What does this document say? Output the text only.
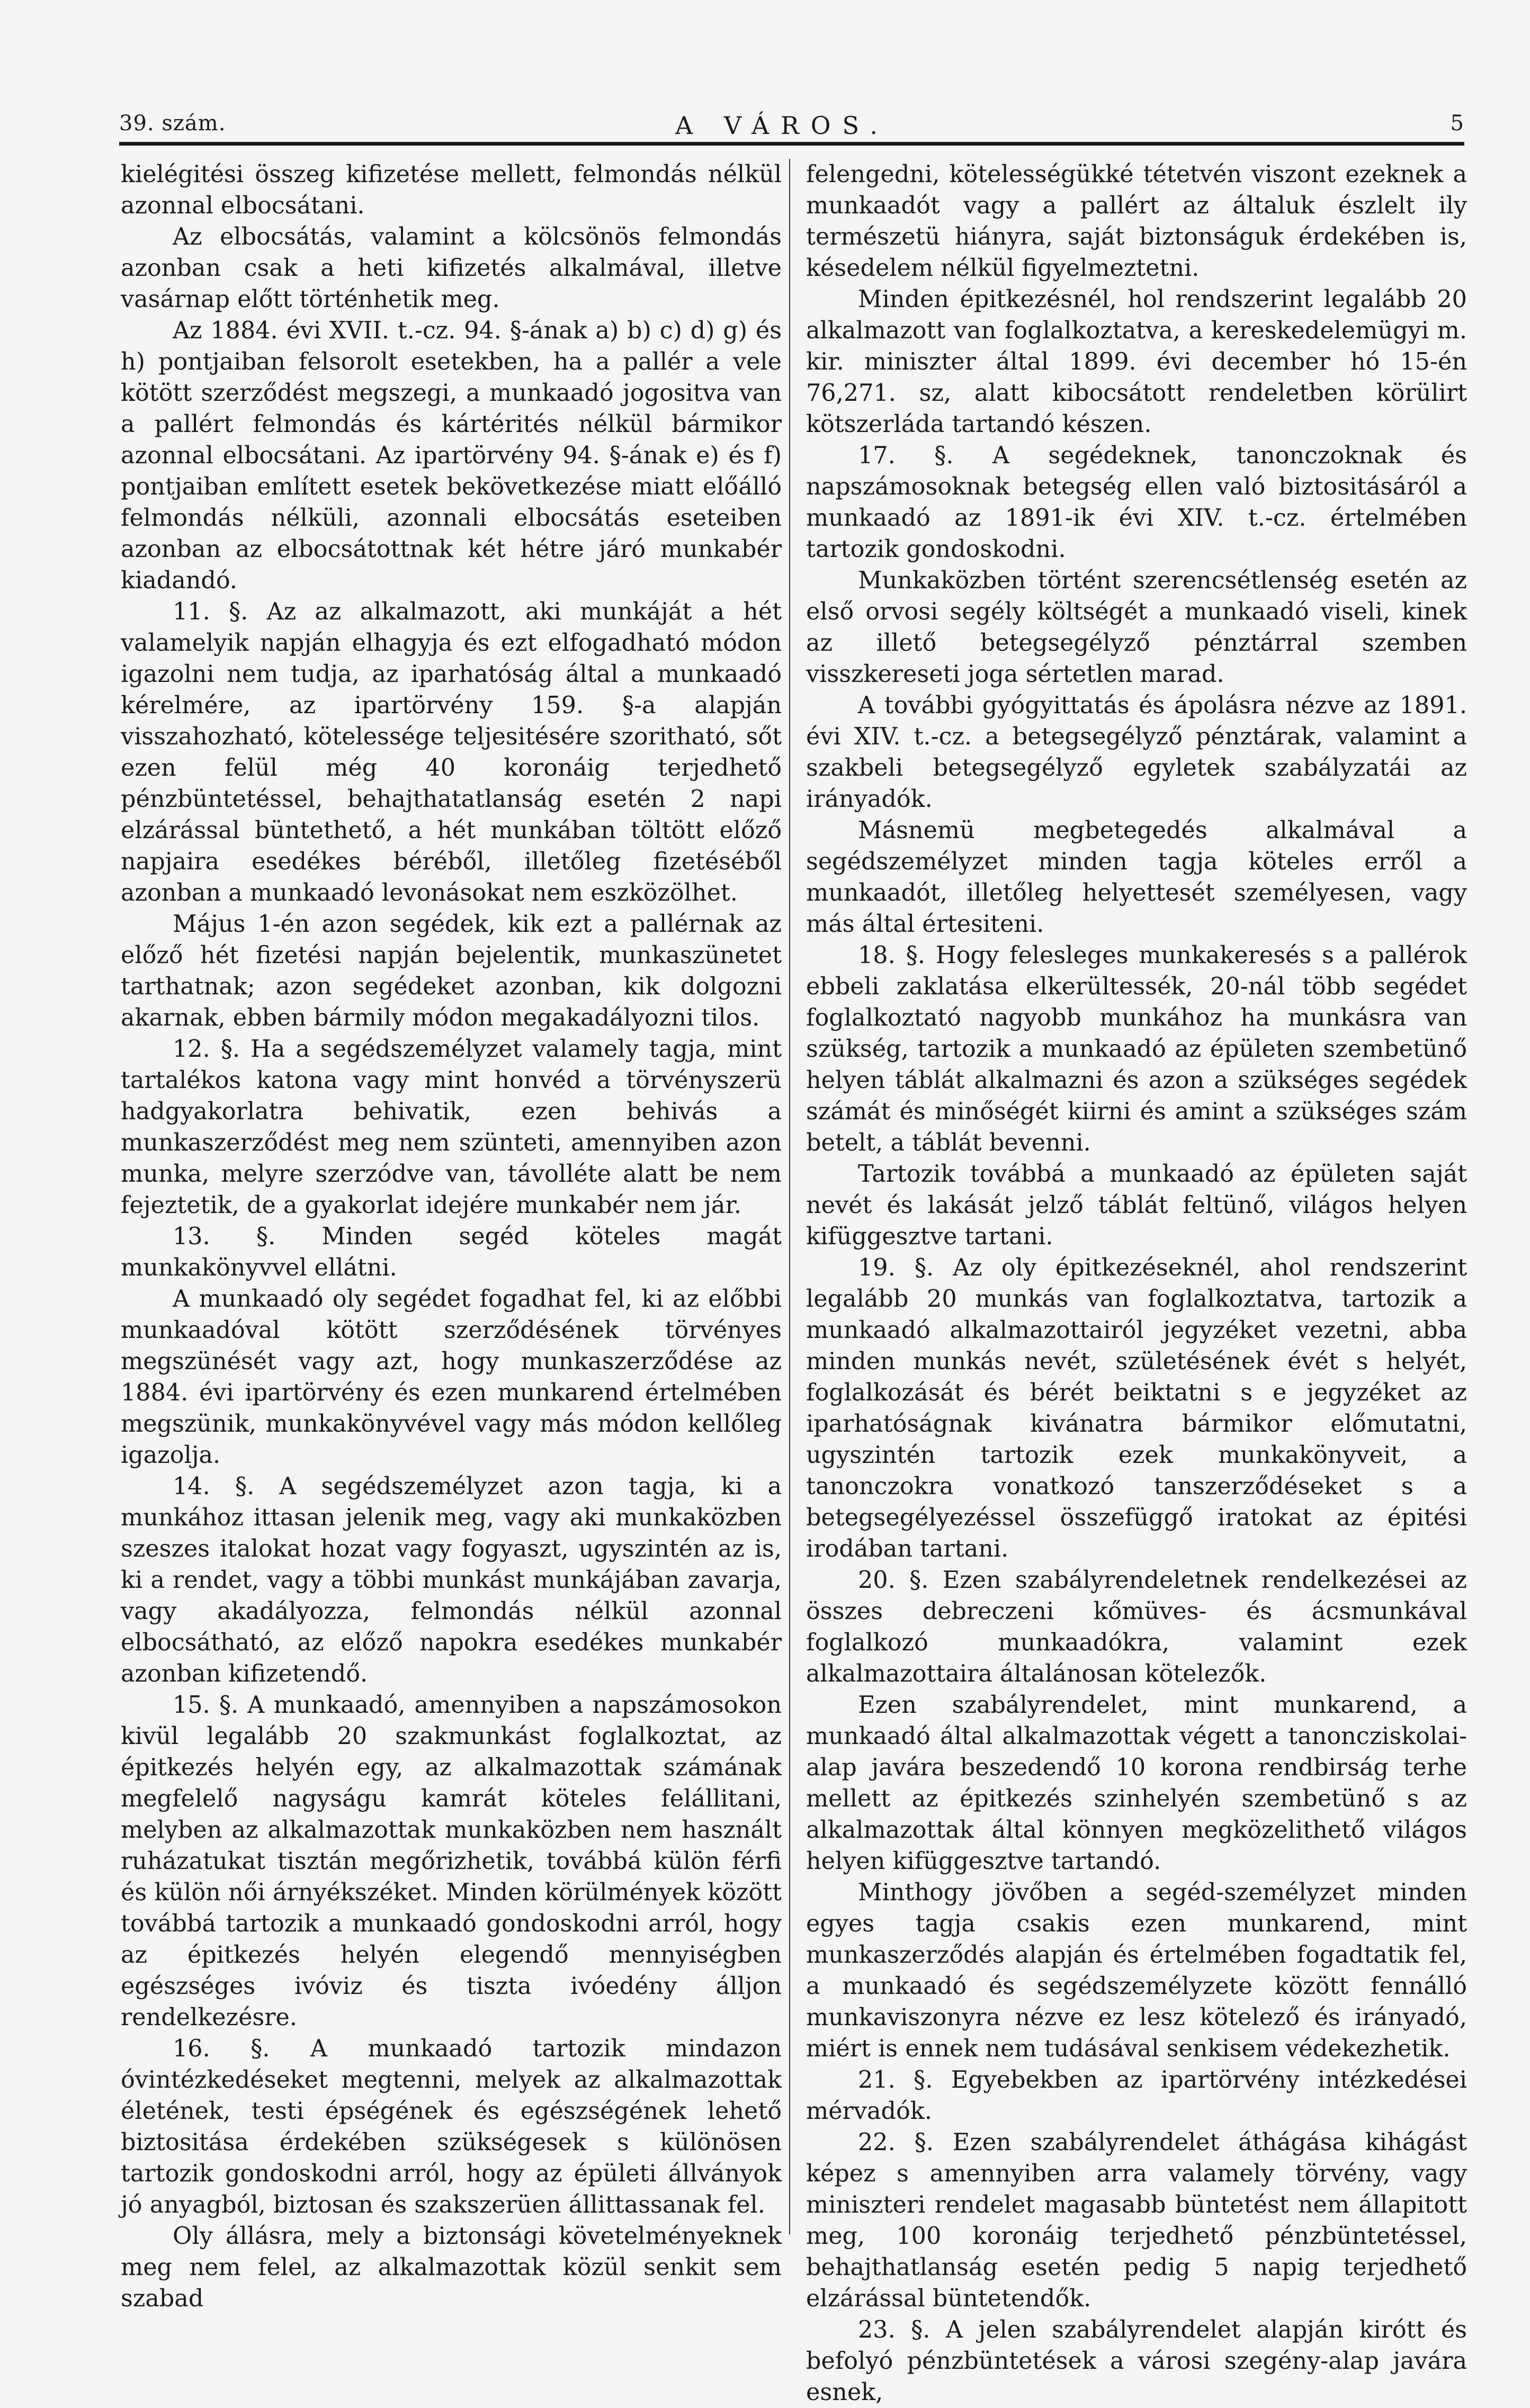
39. szám.	A VÁROS.	5

kielégitési összeg kifizetése mellett, felmondás nélkül azonnal elbocsátani.

Az elbocsátás, valamint a kölcsönös felmondás azonban csak a heti kifizetés alkalmával, illetve vasárnap előtt történhetik meg.

Az 1884. évi XVII. t.-cz. 94. §-ának a) b) c) d) g) és h) pontjaiban felsorolt esetekben, ha a pallér a vele kötött szerződést megszegi, a munkaadó jogositva van a pallért felmondás és kártérités nélkül bármikor azonnal elbocsátani. Az ipartörvény 94. §-ának e) és f) pontjaiban említett esetek bekövetkezése miatt előálló felmondás nélküli, azonnali elbocsátás eseteiben azonban az elbocsátottnak két hétre járó munkabér kiadandó.

11. §. Az az alkalmazott, aki munkáját a hét valamelyik napján elhagyja és ezt elfogadható módon igazolni nem tudja, az iparhatóság által a munkaadó kérelmére, az ipartörvény 159. §-a alapján visszahozható, kötelessége teljesitésére szoritható, sőt ezen felül még 40 koronáig terjedhető pénzbüntetéssel, behajthatatlanság esetén 2 napi elzárással büntethető, a hét munkában töltött előző napjaira esedékes béréből, illetőleg fizetéséből azonban a munkaadó levonásokat nem eszközölhet.

Május 1-én azon segédek, kik ezt a pallérnak az előző hét fizetési napján bejelentik, munkaszünetet tarthatnak; azon segédeket azonban, kik dolgozni akarnak, ebben bármily módon megakadályozni tilos.

12. §. Ha a segédszemélyzet valamely tagja, mint tartalékos katona vagy mint honvéd a törvényszerü hadgyakorlatra behivatik, ezen behivás a munkaszerződést meg nem szünteti, amennyiben azon munka, melyre szerzódve van, távolléte alatt be nem fejeztetik, de a gyakorlat idejére munkabér nem jár.

13. §. Minden segéd köteles magát munkakönyvvel ellátni.

A munkaadó oly segédet fogadhat fel, ki az előbbi munkaadóval kötött szerződésének törvényes megszünését vagy azt, hogy munkaszerződése az 1884. évi ipartörvény és ezen munkarend értelmében megszünik, munkakönyvével vagy más módon kellőleg igazolja.

14. §. A segédszemélyzet azon tagja, ki a munkához ittasan jelenik meg, vagy aki munkaközben szeszes italokat hozat vagy fogyaszt, ugyszintén az is, ki a rendet, vagy a többi munkást munkájában zavarja, vagy akadályozza, felmondás nélkül azonnal elbocsátható, az előző napokra esedékes munkabér azonban kifizetendő.

15. §. A munkaadó, amennyiben a napszámosokon kivül legalább 20 szakmunkást foglalkoztat, az épitkezés helyén egy, az alkalmazottak számának megfelelő nagyságu kamrát köteles felállitani, melyben az alkalmazottak munkaközben nem használt ruházatukat tisztán megőrizhetik, továbbá külön férfi és külön női árnyékszéket. Minden körülmények között továbbá tartozik a munkaadó gondoskodni arról, hogy az épitkezés helyén elegendő mennyiségben egészséges ivóviz és tiszta ivóedény álljon rendelkezésre.

16. §. A munkaadó tartozik mindazon óvintézkedéseket megtenni, melyek az alkalmazottak életének, testi épségének és egészségének lehető biztositása érdekében szükségesek s különösen tartozik gondoskodni arról, hogy az épületi állványok jó anyagból, biztosan és szakszerüen állittassanak fel.

Oly állásra, mely a biztonsági követelményeknek meg nem felel, az alkalmazottak közül senkit sem szabad

felengedni, kötelességükké tétetvén viszont ezeknek a munkaadót vagy a pallért az általuk észlelt ily természetü hiányra, saját biztonságuk érdekében is, késedelem nélkül figyelmeztetni.

Minden épitkezésnél, hol rendszerint legalább 20 alkalmazott van foglalkoztatva, a kereskedelemügyi m. kir. miniszter által 1899. évi december hó 15-én 76,271. sz, alatt kibocsátott rendeletben körülirt kötszerláda tartandó készen.

17. §. A segédeknek, tanonczoknak és napszámosoknak betegség ellen való biztositásáról a munkaadó az 1891-ik évi XIV. t.-cz. értelmében tartozik gondoskodni.

Munkaközben történt szerencsétlenség esetén az első orvosi segély költségét a munkaadó viseli, kinek az illető betegsegélyző pénztárral szemben visszkereseti joga sértetlen marad.

A további gyógyittatás és ápolásra nézve az 1891. évi XIV. t.-cz. a betegsegélyző pénztárak, valamint a szakbeli betegsegélyző egyletek szabályzatái az irányadók.

Másnemü megbetegedés alkalmával a segédszemélyzet minden tagja köteles erről a munkaadót, illetőleg helyettesét személyesen, vagy más által értesiteni.

18. §. Hogy felesleges munkakeresés s a pallérok ebbeli zaklatása elkerültessék, 20-nál több segédet foglalkoztató nagyobb munkához ha munkásra van szükség, tartozik a munkaadó az épületen szembetünő helyen táblát alkalmazni és azon a szükséges segédek számát és minőségét kiirni és amint a szükséges szám betelt, a táblát bevenni.

Tartozik továbbá a munkaadó az épületen saját nevét és lakását jelző táblát feltünő, világos helyen kifüggesztve tartani.

19. §. Az oly épitkezéseknél, ahol rendszerint legalább 20 munkás van foglalkoztatva, tartozik a munkaadó alkalmazottairól jegyzéket vezetni, abba minden munkás nevét, születésének évét s helyét, foglalkozását és bérét beiktatni s e jegyzéket az iparhatóságnak kivánatra bármikor előmutatni, ugyszintén tartozik ezek munkakönyveit, a tanonczokra vonatkozó tanszerződéseket s a betegsegélyezéssel összefüggő iratokat az épitési irodában tartani.

20. §. Ezen szabályrendeletnek rendelkezései az összes debreczeni kőmüves- és ácsmunkával foglalkozó munkaadókra, valamint ezek alkalmazottaira általánosan kötelezők.

Ezen szabályrendelet, mint munkarend, a munkaadó által alkalmazottak végett a tanoncziskolai-alap javára beszedendő 10 korona rendbirság terhe mellett az épitkezés szinhelyén szembetünő s az alkalmazottak által könnyen megközelithető világos helyen kifüggesztve tartandó.

Minthogy jövőben a segéd-személyzet minden egyes tagja csakis ezen munkarend, mint munkaszerződés alapján és értelmében fogadtatik fel, a munkaadó és segédszemélyzete között fennálló munkaviszonyra nézve ez lesz kötelező és irányadó, miért is ennek nem tudásával senkisem védekezhetik.

21. §. Egyebekben az ipartörvény intézkedései mérvadók.

22. §. Ezen szabályrendelet áthágása kihágást képez s amennyiben arra valamely törvény, vagy miniszteri rendelet magasabb büntetést nem állapitott meg, 100 koronáig terjedhető pénzbüntetéssel, behajthatlanság esetén pedig 5 napig terjedhető elzárással büntetendők.

23. §. A jelen szabályrendelet alapján kirótt és befolyó pénzbüntetések a városi szegény-alap javára esnek,
